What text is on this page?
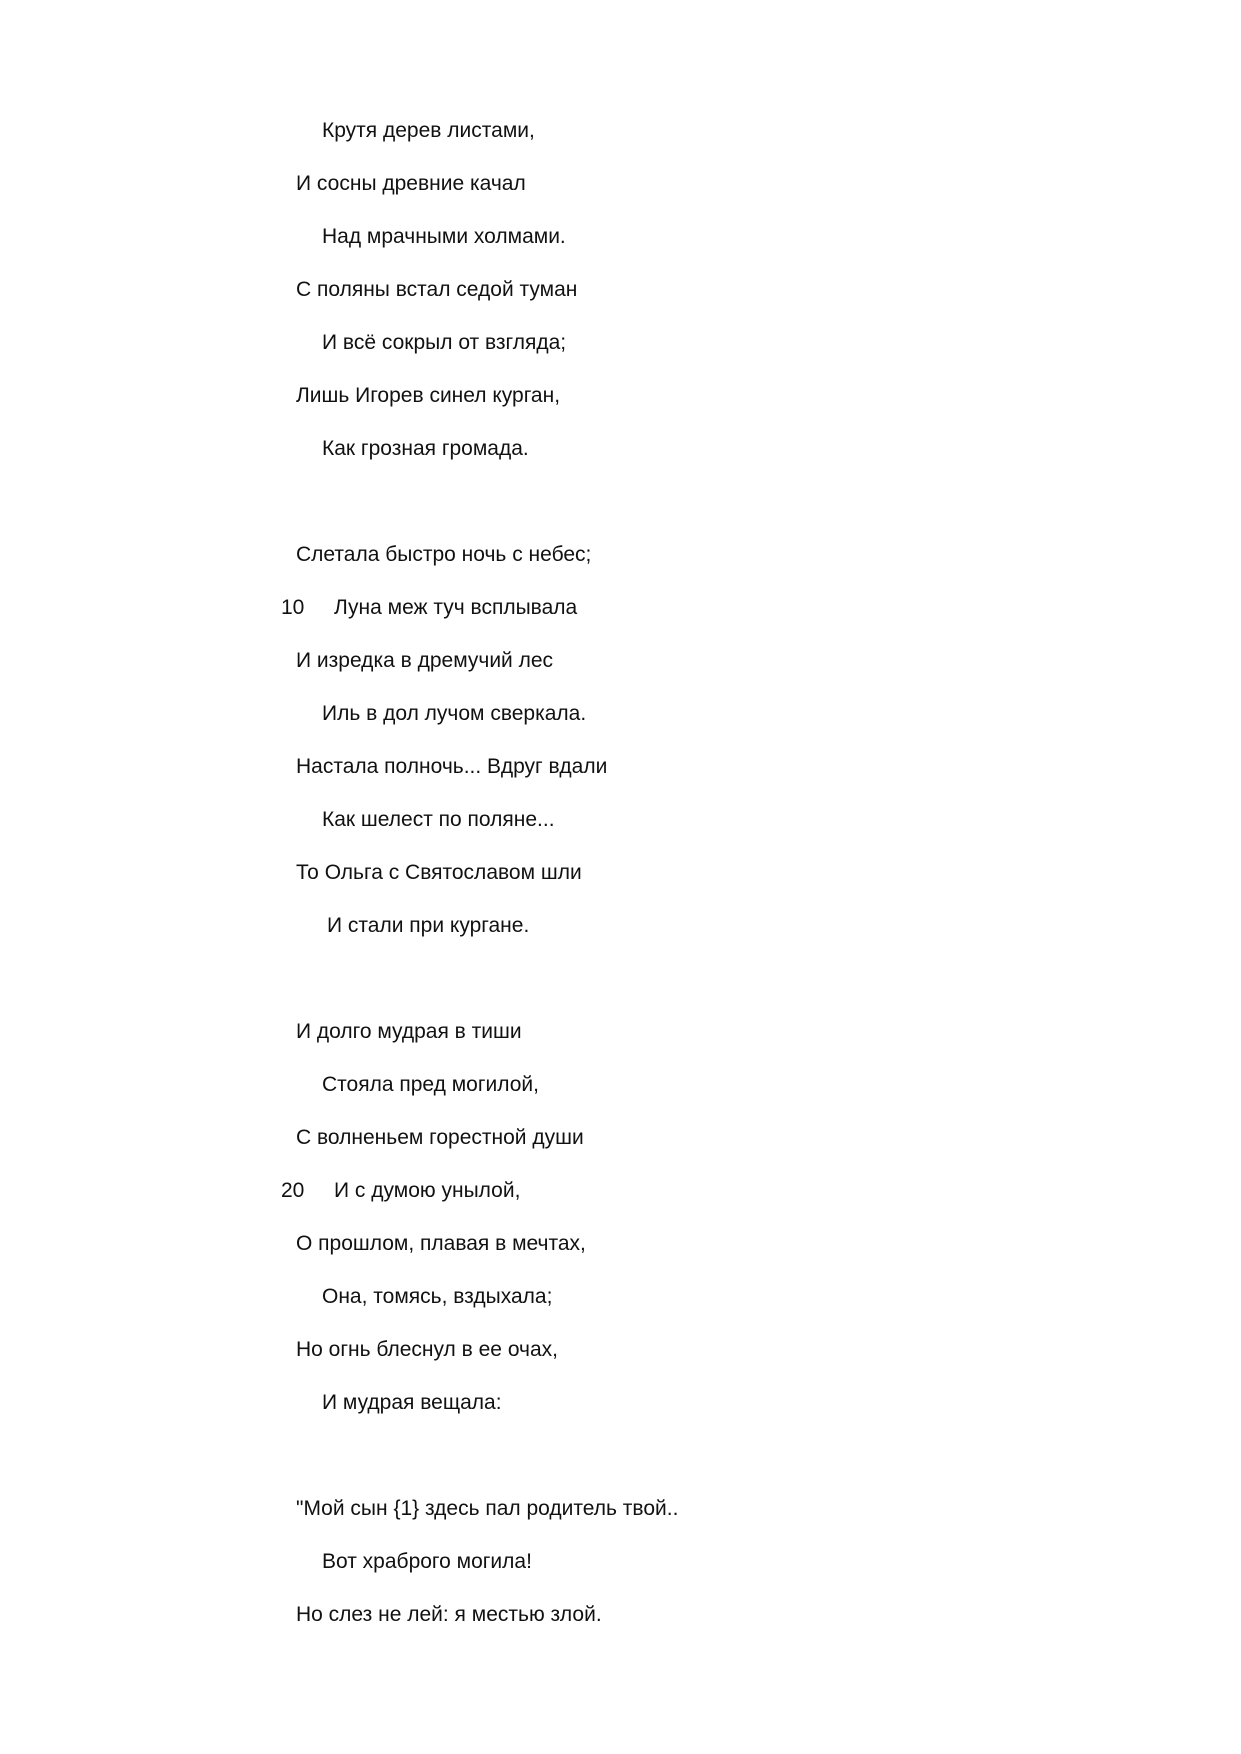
Крутя дерев листами,
И сосны древние качал
Над мрачными холмами.
С поляны встал седой туман
И всё сокрыл от взгляда;
Лишь Игорев синел курган,
Как грозная громада.
Слетала быстро ночь с небес;
10 Луна меж туч всплывала
И изредка в дремучий лес
Иль в дол лучом сверкала.
Настала полночь... Вдруг вдали
Как шелест по поляне...
То Ольга с Святославом шли
И стали при кургане.
И долго мудрая в тиши
Стояла пред могилой,
С волненьем горестной души
20 И с думою унылой,
О прошлом, плавая в мечтах,
Она, томясь, вздыхала;
Но огнь блеснул в ее очах,
И мудрая вещала:
"Мой сын {1} здесь пал родитель твой..
Вот храброго могила!
Но слез не лей: я местью злой.
